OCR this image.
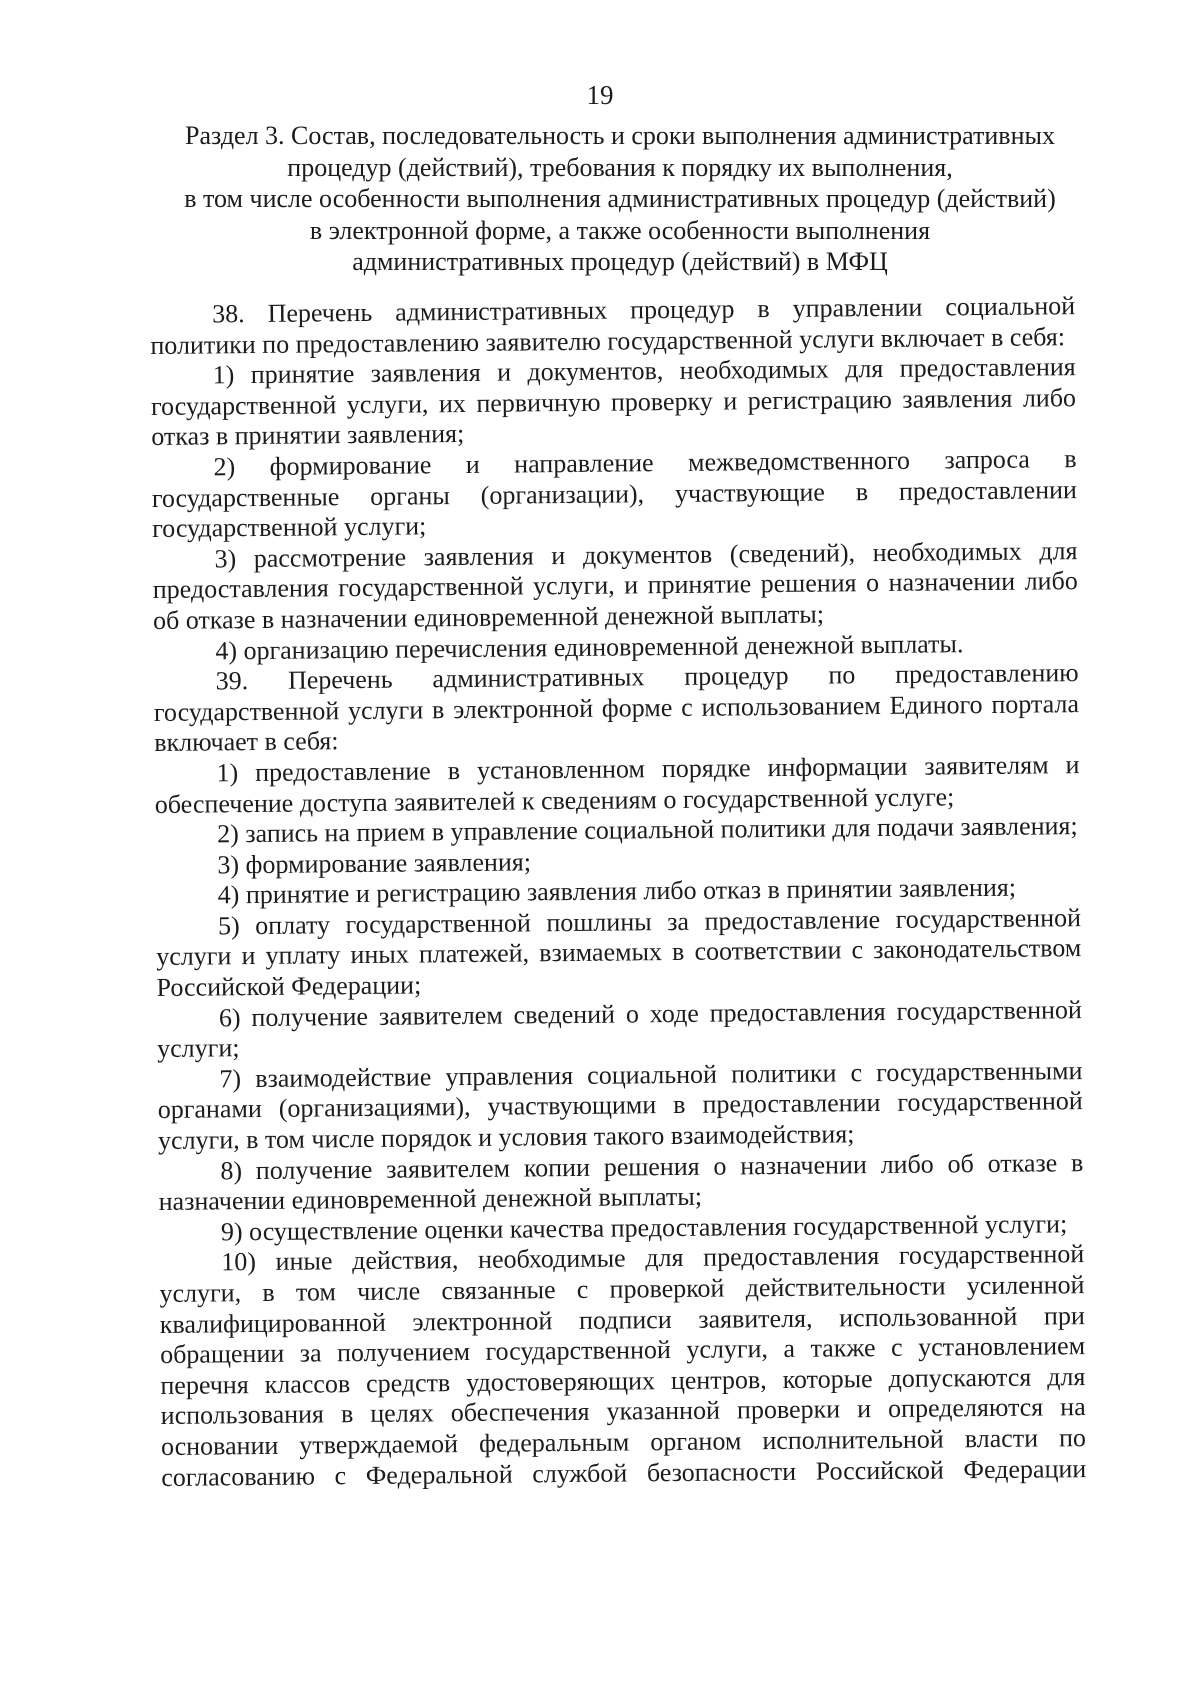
19
Раздел 3. Состав, последовательность и сроки выполнения административных
процедур (действий), требования к порядку их выполнения,
в том числе особенности выполнения административных процедур (действий)
в электронной форме, а также особенности выполнения
административных процедур (действий) в МФЦ

38. Перечень административных процедур в управлении социальной политики по предоставлению заявителю государственной услуги включает в себя:

1) принятие заявления и документов, необходимых для предоставления государственной услуги, их первичную проверку и регистрацию заявления либо отказ в принятии заявления;

2) формирование и направление межведомственного запроса в государственные органы (организации), участвующие в предоставлении государственной услуги;

3) рассмотрение заявления и документов (сведений), необходимых для предоставления государственной услуги, и принятие решения о назначении либо об отказе в назначении единовременной денежной выплаты;

4) организацию перечисления единовременной денежной выплаты.

39. Перечень административных процедур по предоставлению государственной услуги в электронной форме с использованием Единого портала включает в себя:

1) предоставление в установленном порядке информации заявителям и обеспечение доступа заявителей к сведениям о государственной услуге;

2) запись на прием в управление социальной политики для подачи заявления;

3) формирование заявления;

4) принятие и регистрацию заявления либо отказ в принятии заявления;

5) оплату государственной пошлины за предоставление государственной услуги и уплату иных платежей, взимаемых в соответствии с законодательством Российской Федерации;

6) получение заявителем сведений о ходе предоставления государственной услуги;

7) взаимодействие управления социальной политики с государственными органами (организациями), участвующими в предоставлении государственной услуги, в том числе порядок и условия такого взаимодействия;

8) получение заявителем копии решения о назначении либо об отказе в назначении единовременной денежной выплаты;

9) осуществление оценки качества предоставления государственной услуги;

10) иные действия, необходимые для предоставления государственной услуги, в том числе связанные с проверкой действительности усиленной квалифицированной электронной подписи заявителя, использованной при обращении за получением государственной услуги, а также с установлением перечня классов средств удостоверяющих центров, которые допускаются для использования в целях обеспечения указанной проверки и определяются на основании утверждаемой федеральным органом исполнительной власти по согласованию с Федеральной службой безопасности Российской Федерации
